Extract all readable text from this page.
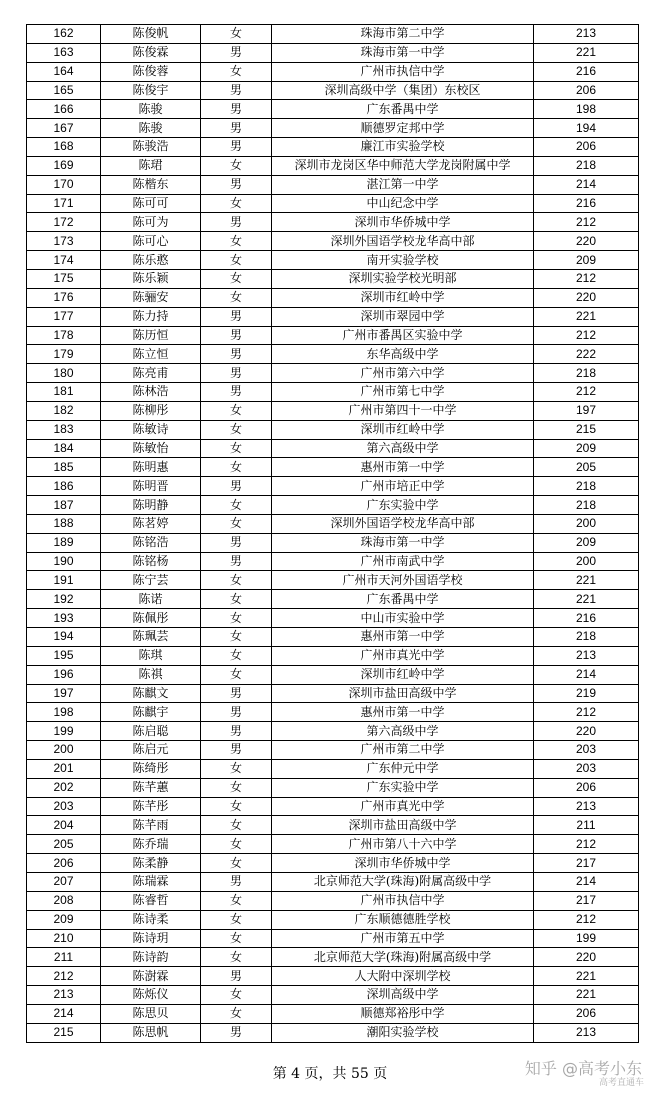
162	陈俊帆	女	珠海市第二中学	213
163	陈俊霖	男	珠海市第一中学	221
164	陈俊蓉	女	广州市执信中学	216
165	陈俊宇	男	深圳高级中学（集团）东校区	206
166	陈骏	男	广东番禺中学	198
167	陈骏	男	顺德罗定邦中学	194
168	陈骏浩	男	廉江市实验学校	206
169	陈珺	女	深圳市龙岗区华中师范大学龙岗附属中学	218
170	陈楷东	男	湛江第一中学	214
171	陈可可	女	中山纪念中学	216
172	陈可为	男	深圳市华侨城中学	212
173	陈可心	女	深圳外国语学校龙华高中部	220
174	陈乐憨	女	南开实验学校	209
175	陈乐颖	女	深圳实验学校光明部	212
176	陈骊安	女	深圳市红岭中学	220
177	陈力持	男	深圳市翠园中学	221
178	陈历恒	男	广州市番禺区实验中学	212
179	陈立恒	男	东华高级中学	222
180	陈亮甫	男	广州市第六中学	218
181	陈林浩	男	广州市第七中学	212
182	陈柳彤	女	广州市第四十一中学	197
183	陈敏诗	女	深圳市红岭中学	215
184	陈敏怡	女	第六高级中学	209
185	陈明惠	女	惠州市第一中学	205
186	陈明晋	男	广州市培正中学	218
187	陈明静	女	广东实验中学	218
188	陈茗婷	女	深圳外国语学校龙华高中部	200
189	陈铭浩	男	珠海市第一中学	209
190	陈铭杨	男	广州市南武中学	200
191	陈宁芸	女	广州市天河外国语学校	221
192	陈诺	女	广东番禺中学	221
193	陈佩彤	女	中山市实验中学	216
194	陈珮芸	女	惠州市第一中学	218
195	陈琪	女	广州市真光中学	213
196	陈祺	女	深圳市红岭中学	214
197	陈麒文	男	深圳市盐田高级中学	219
198	陈麒宇	男	惠州市第一中学	212
199	陈启聪	男	第六高级中学	220
200	陈启元	男	广州市第二中学	203
201	陈绮彤	女	广东仲元中学	203
202	陈芊蕙	女	广东实验中学	206
203	陈芊彤	女	广州市真光中学	213
204	陈芊雨	女	深圳市盐田高级中学	211
205	陈乔瑞	女	广州市第八十六中学	212
206	陈柔静	女	深圳市华侨城中学	217
207	陈瑞霖	男	北京师范大学(珠海)附属高级中学	214
208	陈睿哲	女	广州市执信中学	217
209	陈诗柔	女	广东顺德德胜学校	212
210	陈诗玥	女	广州市第五中学	199
211	陈诗韵	女	北京师范大学(珠海)附属高级中学	220
212	陈澍霖	男	人大附中深圳学校	221
213	陈烁仪	女	深圳高级中学	221
214	陈思贝	女	顺德郑裕彤中学	206
215	陈思帆	男	潮阳实验学校	213
第 4 页，共 55 页	知乎 @高考小东
高考直通车
